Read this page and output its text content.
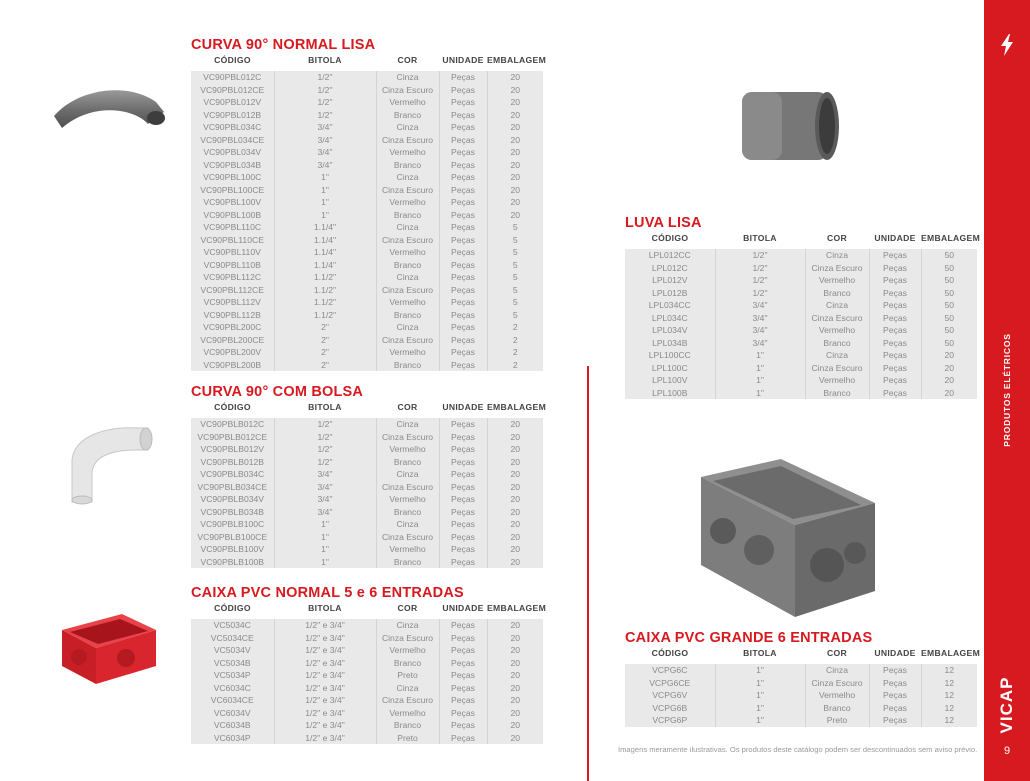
CURVA 90° NORMAL LISA
CÓDIGO	BITOLA	COR	UNIDADE	EMBALAGEM

VC90PBL012C	1/2"	Cinza	Peças	20
VC90PBL012CE	1/2"	Cinza Escuro	Peças	20
VC90PBL012V	1/2"	Vermelho	Peças	20
VC90PBL012B	1/2"	Branco	Peças	20
VC90PBL034C	3/4"	Cinza	Peças	20
VC90PBL034CE	3/4"	Cinza Escuro	Peças	20
VC90PBL034V	3/4"	Vermelho	Peças	20
VC90PBL034B	3/4"	Branco	Peças	20
VC90PBL100C	1"	Cinza	Peças	20
VC90PBL100CE	1"	Cinza Escuro	Peças	20
VC90PBL100V	1"	Vermelho	Peças	20
VC90PBL100B	1"	Branco	Peças	20
VC90PBL110C	1.1/4"	Cinza	Peças	5
VC90PBL110CE	1.1/4"	Cinza Escuro	Peças	5
VC90PBL110V	1.1/4"	Vermelho	Peças	5
VC90PBL110B	1.1/4"	Branco	Peças	5
VC90PBL112C	1.1/2"	Cinza	Peças	5
VC90PBL112CE	1.1/2"	Cinza Escuro	Peças	5
VC90PBL112V	1.1/2"	Vermelho	Peças	5
VC90PBL112B	1.1/2"	Branco	Peças	5
VC90PBL200C	2"	Cinza	Peças	2
VC90PBL200CE	2"	Cinza Escuro	Peças	2
VC90PBL200V	2"	Vermelho	Peças	2
VC90PBL200B	2"	Branco	Peças	2
CURVA 90° COM BOLSA
CÓDIGO	BITOLA	COR	UNIDADE	EMBALAGEM

VC90PBLB012C	1/2"	Cinza	Peças	20
VC90PBLB012CE	1/2"	Cinza Escuro	Peças	20
VC90PBLB012V	1/2"	Vermelho	Peças	20
VC90PBLB012B	1/2"	Branco	Peças	20
VC90PBLB034C	3/4"	Cinza	Peças	20
VC90PBLB034CE	3/4"	Cinza Escuro	Peças	20
VC90PBLB034V	3/4"	Vermelho	Peças	20
VC90PBLB034B	3/4"	Branco	Peças	20
VC90PBLB100C	1"	Cinza	Peças	20
VC90PBLB100CE	1"	Cinza Escuro	Peças	20
VC90PBLB100V	1"	Vermelho	Peças	20
VC90PBLB100B	1"	Branco	Peças	20
CAIXA PVC NORMAL 5 e 6 ENTRADAS
CÓDIGO	BITOLA	COR	UNIDADE	EMBALAGEM

VC5034C	1/2" e 3/4"	Cinza	Peças	20
VC5034CE	1/2" e 3/4"	Cinza Escuro	Peças	20
VC5034V	1/2" e 3/4"	Vermelho	Peças	20
VC5034B	1/2" e 3/4"	Branco	Peças	20
VC5034P	1/2" e 3/4"	Preto	Peças	20
VC6034C	1/2" e 3/4"	Cinza	Peças	20
VC6034CE	1/2" e 3/4"	Cinza Escuro	Peças	20
VC6034V	1/2" e 3/4"	Vermelho	Peças	20
VC6034B	1/2" e 3/4"	Branco	Peças	20
VC6034P	1/2" e 3/4"	Preto	Peças	20
LUVA LISA
CÓDIGO	BITOLA	COR	UNIDADE	EMBALAGEM

LPL012CC	1/2"	Cinza	Peças	50
LPL012C	1/2"	Cinza Escuro	Peças	50
LPL012V	1/2"	Vermelho	Peças	50
LPL012B	1/2"	Branco	Peças	50
LPL034CC	3/4"	Cinza	Peças	50
LPL034C	3/4"	Cinza Escuro	Peças	50
LPL034V	3/4"	Vermelho	Peças	50
LPL034B	3/4"	Branco	Peças	50
LPL100CC	1"	Cinza	Peças	20
LPL100C	1"	Cinza Escuro	Peças	20
LPL100V	1"	Vermelho	Peças	20
LPL100B	1"	Branco	Peças	20
CAIXA PVC GRANDE 6 ENTRADAS
CÓDIGO	BITOLA	COR	UNIDADE	EMBALAGEM

VCPG6C	1"	Cinza	Peças	12
VCPG6CE	1"	Cinza Escuro	Peças	12
VCPG6V	1"	Vermelho	Peças	12
VCPG6B	1"	Branco	Peças	12
VCPG6P	1"	Preto	Peças	12
Imagens meramente ilustrativas. Os produtos deste catálogo podem ser descontinuados sem aviso prévio.
PRODUTOS ELÉTRICOS
VICAP
9
